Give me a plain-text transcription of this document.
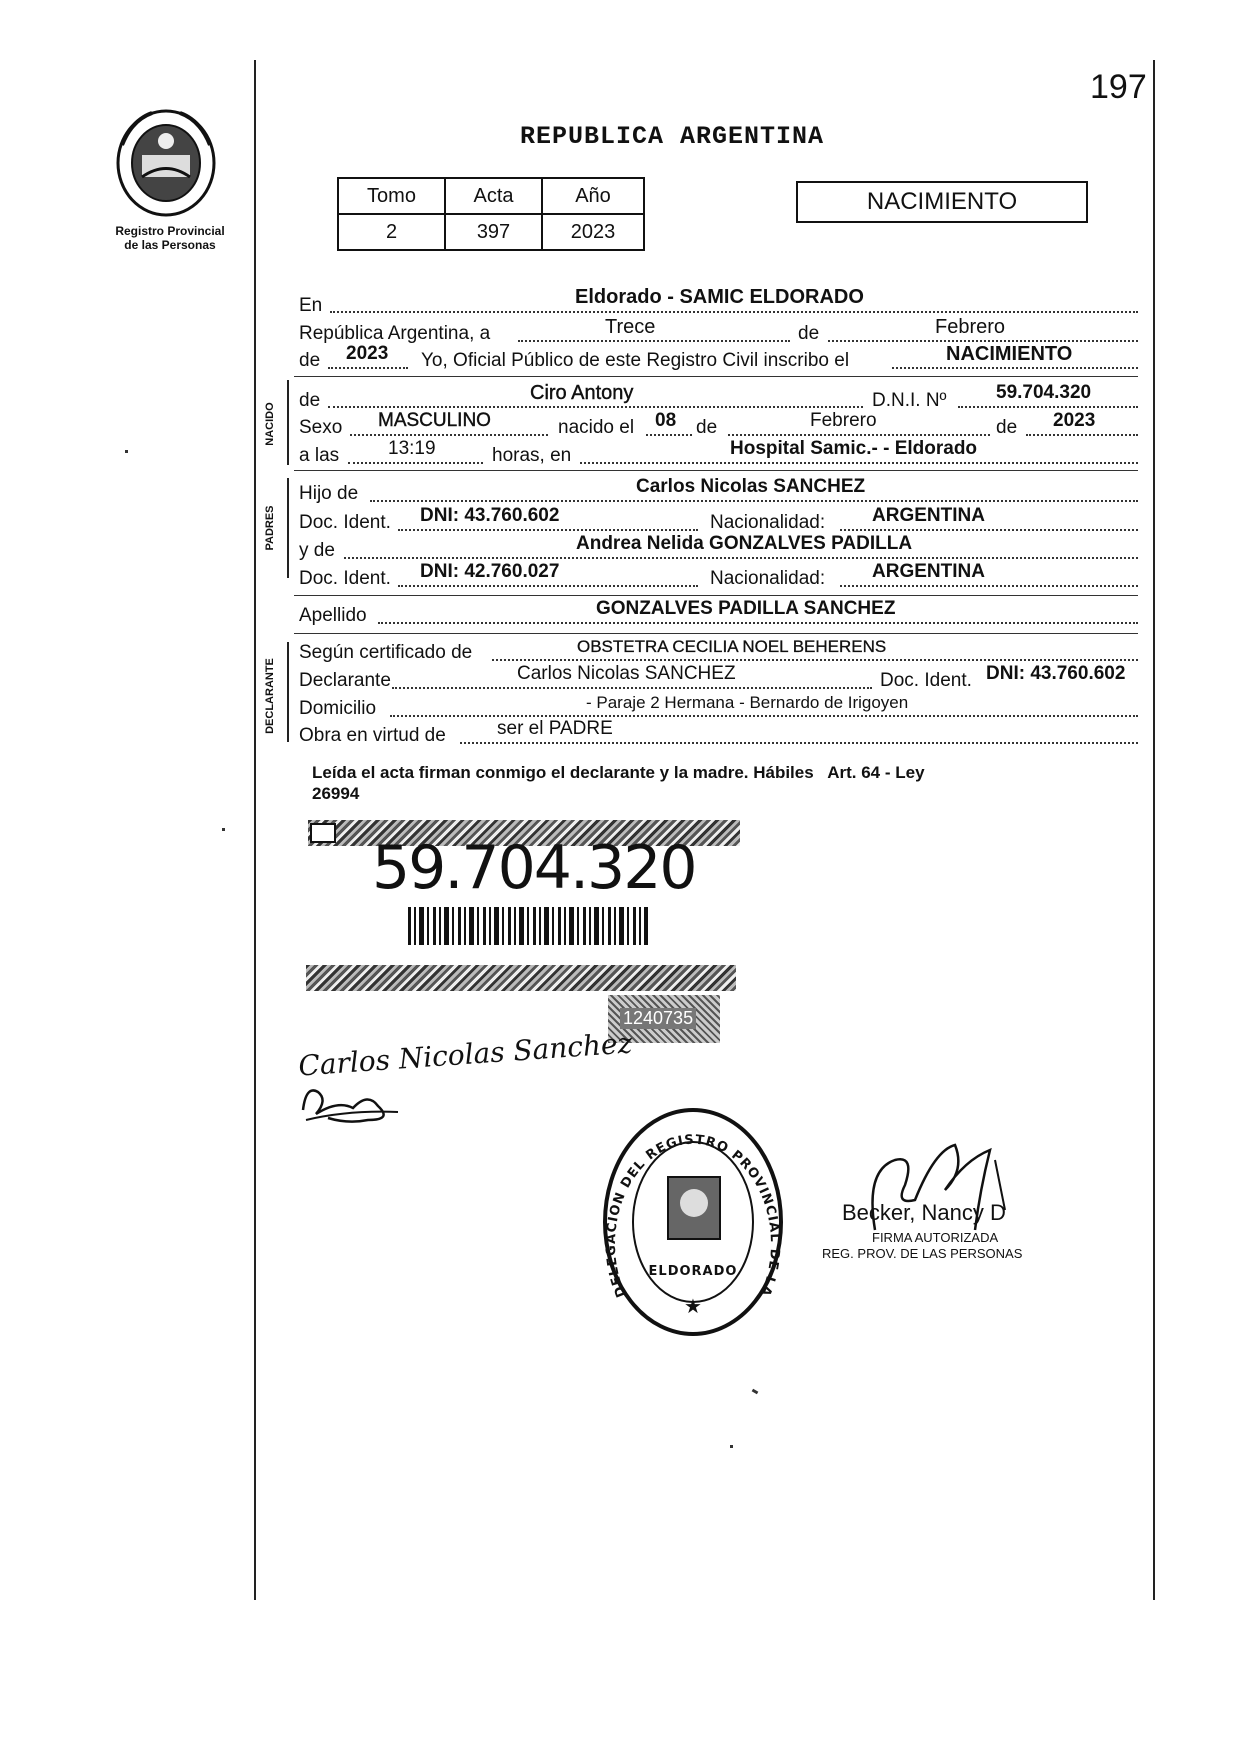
197
Registro Provincial
de las Personas
REPUBLICA ARGENTINA
Tomo	Acta	Año
2	397	2023
NACIMIENTO
En	Eldorado - SAMIC ELDORADO
República Argentina, a	Trece	de	Febrero
de 2023 Yo, Oficial Público de este Registro Civil inscribo el	NACIMIENTO
NACIDO
de	Ciro Antony	D.N.I. Nº	59.704.320
Sexo MASCULINO	nacido el 08 de	Febrero	de 2023
a las	13:19	horas, en	Hospital Samic.- - Eldorado
PADRES
Hijo de	Carlos Nicolas SANCHEZ
Doc. Ident. DNI: 43.760.602	Nacionalidad: ARGENTINA
y de	Andrea Nelida GONZALVES PADILLA
Doc. Ident. DNI: 42.760.027	Nacionalidad: ARGENTINA
Apellido	GONZALVES PADILLA SANCHEZ
DECLARANTE
Según certificado de	OBSTETRA CECILIA NOEL BEHERENS
Declarante	Carlos Nicolas SANCHEZ	Doc. Ident. DNI: 43.760.602
Domicilio	- Paraje 2 Hermana - Bernardo de Irigoyen
Obra en virtud de	ser el PADRE
Leída el acta firman conmigo el declarante y la madre. Hábiles   Art. 64 - Ley
26994
59.704.320
1240735
Carlos Nicolas Sanchez
DELEGACION DEL REGISTRO PROVINCIAL DE LA
ELDORADO
★
Becker, Nancy D
FIRMA AUTORIZADA
REG. PROV. DE LAS PERSONAS
